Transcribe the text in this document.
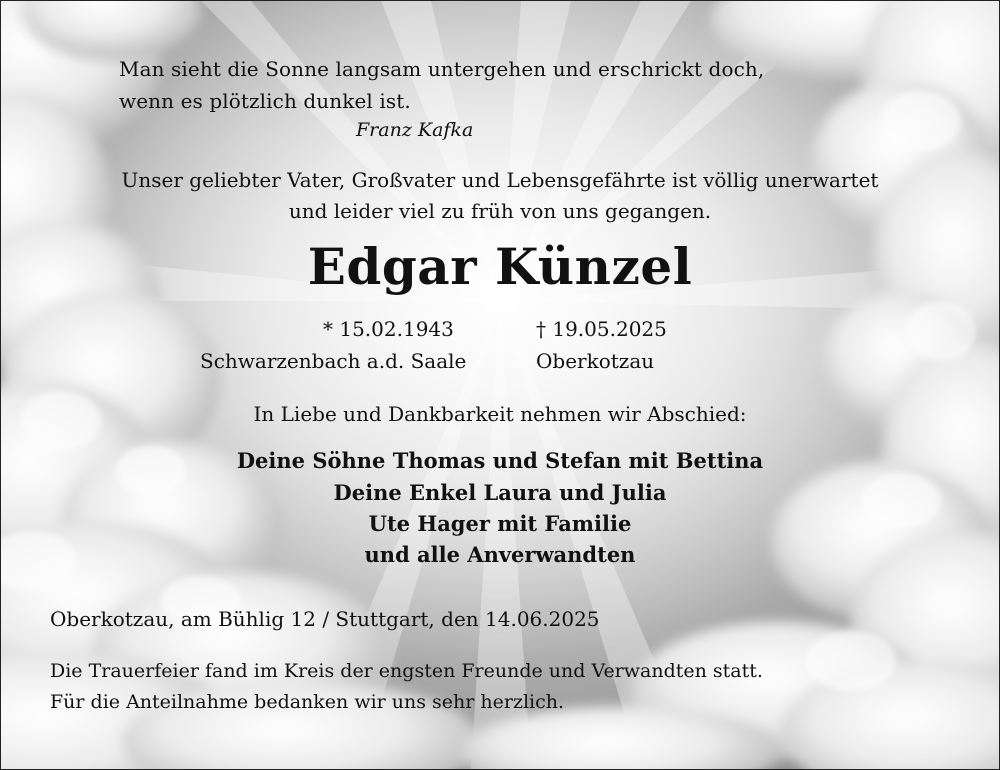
Man sieht die Sonne langsam untergehen und erschrickt doch,
wenn es plötzlich dunkel ist.
Franz Kafka
Unser geliebter Vater, Großvater und Lebensgefährte ist völlig unerwartet
und leider viel zu früh von uns gegangen.
Edgar Künzel
* 15.02.1943	† 19.05.2025
Schwarzenbach a.d. Saale	Oberkotzau
In Liebe und Dankbarkeit nehmen wir Abschied:
Deine Söhne Thomas und Stefan mit Bettina
Deine Enkel Laura und Julia
Ute Hager mit Familie
und alle Anverwandten
Oberkotzau, am Bühlig 12 / Stuttgart, den 14.06.2025
Die Trauerfeier fand im Kreis der engsten Freunde und Verwandten statt.
Für die Anteilnahme bedanken wir uns sehr herzlich.
